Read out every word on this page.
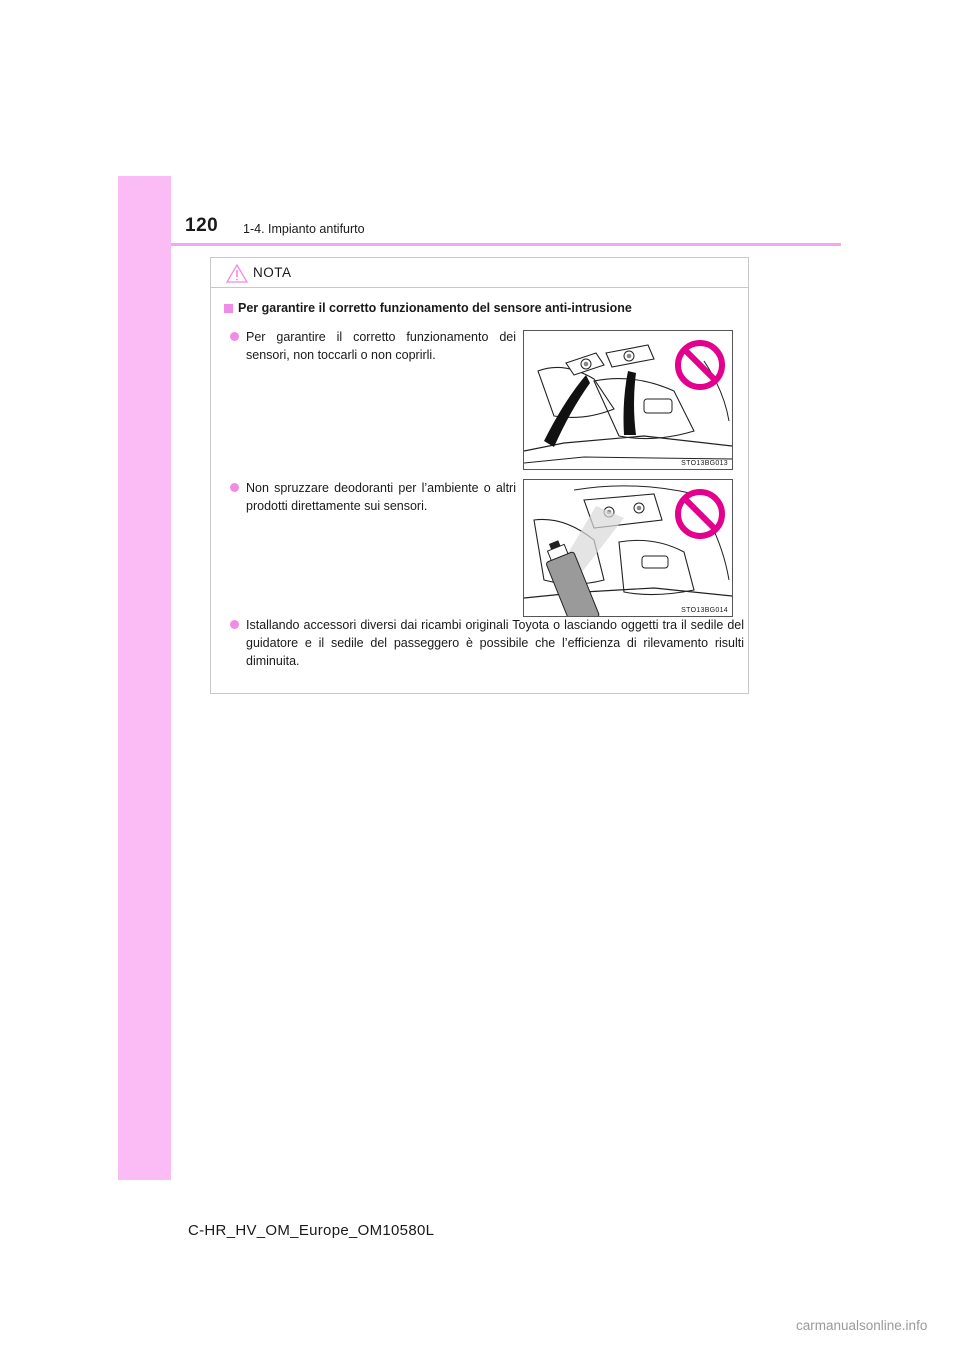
120 1-4. Impianto antifurto
NOTA
Per garantire il corretto funzionamento del sensore anti-intrusione
Per garantire il corretto funzionamento dei sensori, non toccarli o non coprirli.
STO13BG013
Non spruzzare deodoranti per l’ambiente o altri prodotti direttamente sui sensori.
STO13BG014
Istallando accessori diversi dai ricambi originali Toyota o lasciando oggetti tra il sedile del guidatore e il sedile del passeggero è possibile che l’efficienza di rilevamento risulti diminuita.
C-HR_HV_OM_Europe_OM10580L
carmanualsonline.info
